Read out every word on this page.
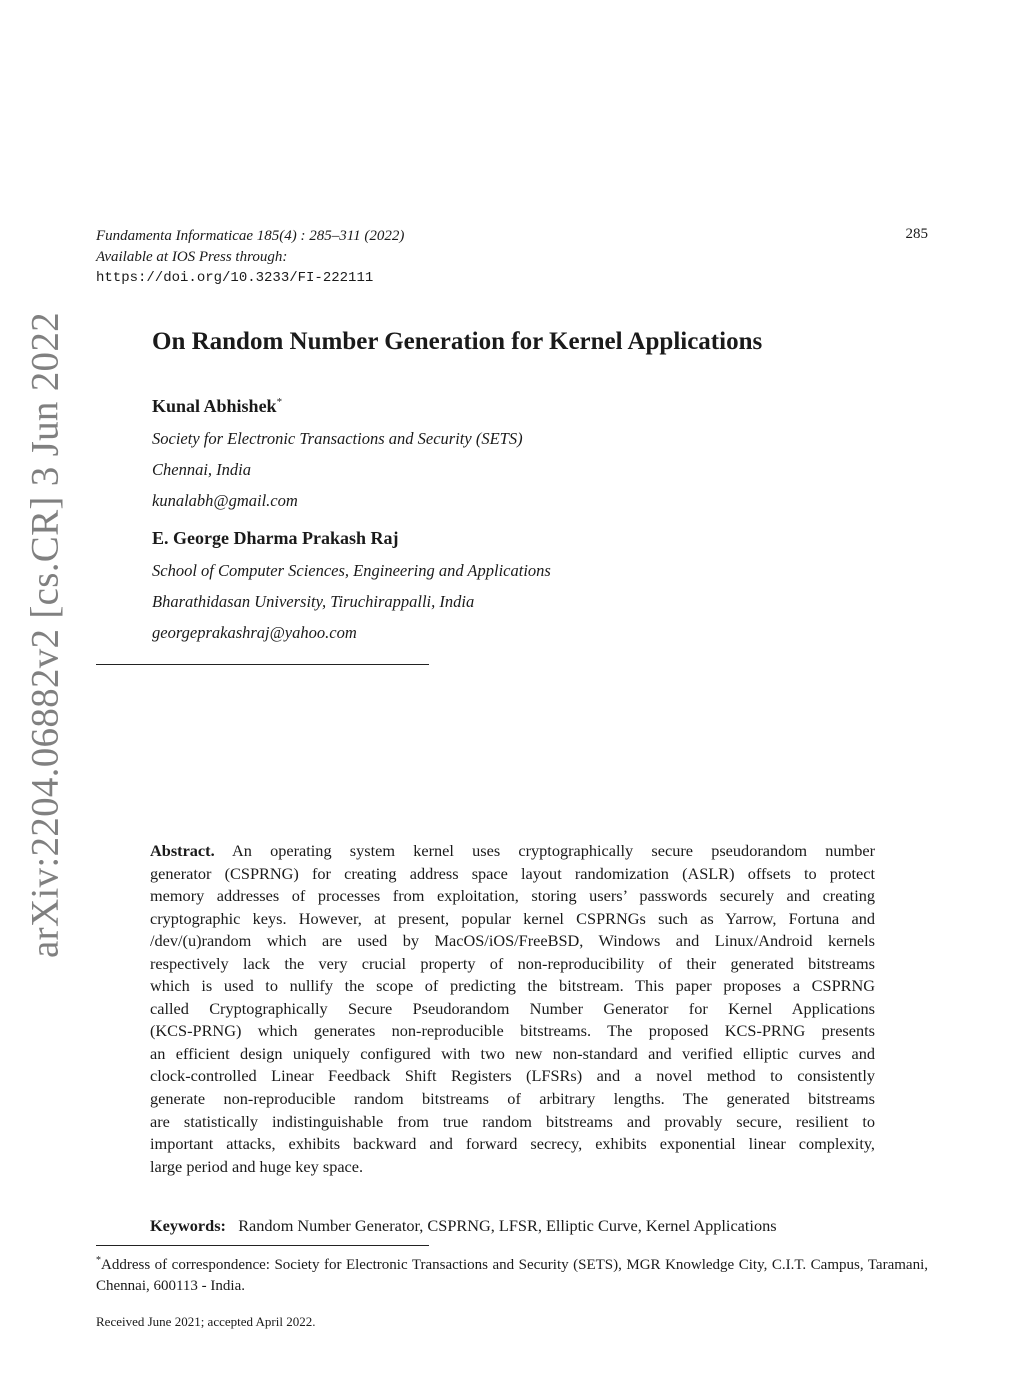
Fundamenta Informaticae 185(4) : 285–311 (2022)
Available at IOS Press through:
https://doi.org/10.3233/FI-222111
285
arXiv:2204.06882v2 [cs.CR] 3 Jun 2022	On Random Number Generation for Kernel Applications
Kunal Abhishek*
Society for Electronic Transactions and Security (SETS)
Chennai, India
kunalabh@gmail.com
E. George Dharma Prakash Raj
School of Computer Sciences, Engineering and Applications
Bharathidasan University, Tiruchirappalli, India
georgeprakashraj@yahoo.com
Abstract. An operating system kernel uses cryptographically secure pseudorandom number
generator (CSPRNG) for creating address space layout randomization (ASLR) offsets to protect
memory addresses of processes from exploitation, storing users’ passwords securely and creating
cryptographic keys. However, at present, popular kernel CSPRNGs such as Yarrow, Fortuna and
/dev/(u)random which are used by MacOS/iOS/FreeBSD, Windows and Linux/Android kernels
respectively lack the very crucial property of non-reproducibility of their generated bitstreams
which is used to nullify the scope of predicting the bitstream. This paper proposes a CSPRNG
called Cryptographically Secure Pseudorandom Number Generator for Kernel Applications
(KCS-PRNG) which generates non-reproducible bitstreams. The proposed KCS-PRNG presents
an efficient design uniquely configured with two new non-standard and verified elliptic curves and
clock-controlled Linear Feedback Shift Registers (LFSRs) and a novel method to consistently
generate non-reproducible random bitstreams of arbitrary lengths. The generated bitstreams
are statistically indistinguishable from true random bitstreams and provably secure, resilient to
important attacks, exhibits backward and forward secrecy, exhibits exponential linear complexity,
large period and huge key space.
Keywords: Random Number Generator, CSPRNG, LFSR, Elliptic Curve, Kernel Applications
*Address of correspondence: Society for Electronic Transactions and Security (SETS), MGR Knowledge City, C.I.T. Campus, Taramani, Chennai, 600113 - India.
Received June 2021; accepted April 2022.
